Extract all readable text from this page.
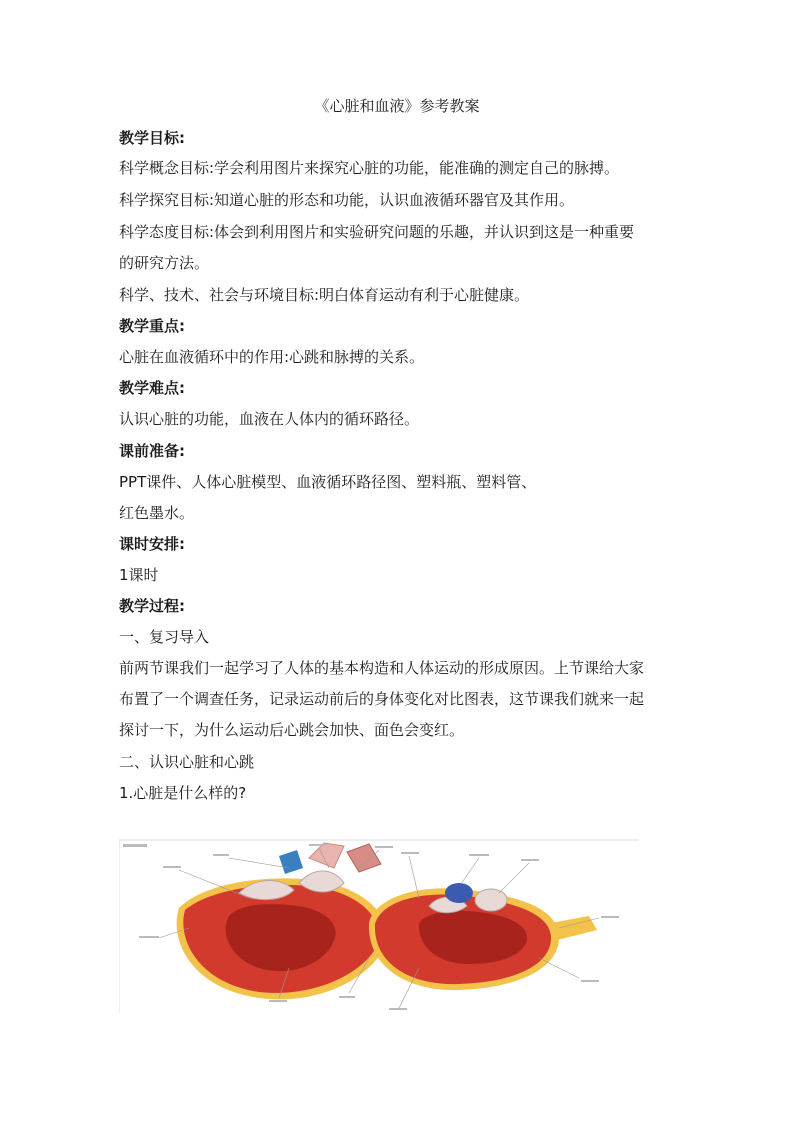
《心脏和血液》参考教案
教学目标:
科学概念目标:学会利用图片来探究心脏的功能，能准确的测定自己的脉搏。
科学探究目标:知道心脏的形态和功能，认识血液循环器官及其作用。
科学态度目标:体会到利用图片和实验研究问题的乐趣，并认识到这是一种重要
的研究方法。
科学、技术、社会与环境目标:明白体育运动有利于心脏健康。
教学重点:
心脏在血液循环中的作用:心跳和脉搏的关系。
教学难点:
认识心脏的功能，血液在人体内的循环路径。
课前准备:
PPT课件、人体心脏模型、血液循环路径图、塑料瓶、塑料管、
红色墨水。
课时安排:
1课时
教学过程:
一、复习导入
前两节课我们一起学习了人体的基本构造和人体运动的形成原因。上节课给大家
布置了一个调查任务，记录运动前后的身体变化对比图表，这节课我们就来一起
探讨一下，为什么运动后心跳会加快、面色会变红。
二、认识心脏和心跳
1.心脏是什么样的?
